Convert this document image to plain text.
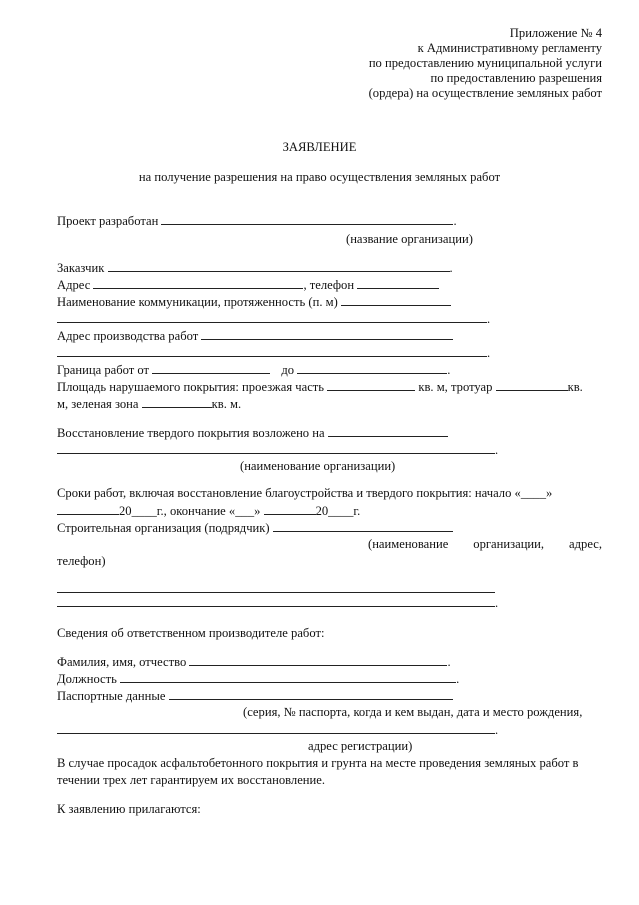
Приложение № 4
к Административному регламенту
по предоставлению муниципальной услуги
по предоставлению разрешения
(ордера) на осуществление земляных работ
ЗАЯВЛЕНИЕ
на получение разрешения на право осуществления земляных работ
Проект разработан	.
(название организации)
Заказчик	.
Адрес	, телефон
Наименование коммуникации, протяженность (п. м)
.
Адрес производства работ
.
Граница работ от	до	.
Площадь нарушаемого покрытия: проезжая часть	кв. м, тротуар	кв.
м, зеленая зона	кв. м.
Восстановление твердого покрытия возложено на
.
(наименование организации)
Сроки работ, включая восстановление благоустройства и твердого покрытия: начало «____»
20____г., окончание «___»	20____г.
Строительная организация (подрядчик)
(наименование организации, адрес,
телефон)
.
Сведения об ответственном производителе работ:
Фамилия, имя, отчество	.
Должность	.
Паспортные данные
(серия, № паспорта, когда и кем выдан, дата и место рождения,
.
адрес регистрации)
В случае просадок асфальтобетонного покрытия и грунта на месте проведения земляных работ в
течении трех лет гарантируем их восстановление.
К заявлению прилагаются:
